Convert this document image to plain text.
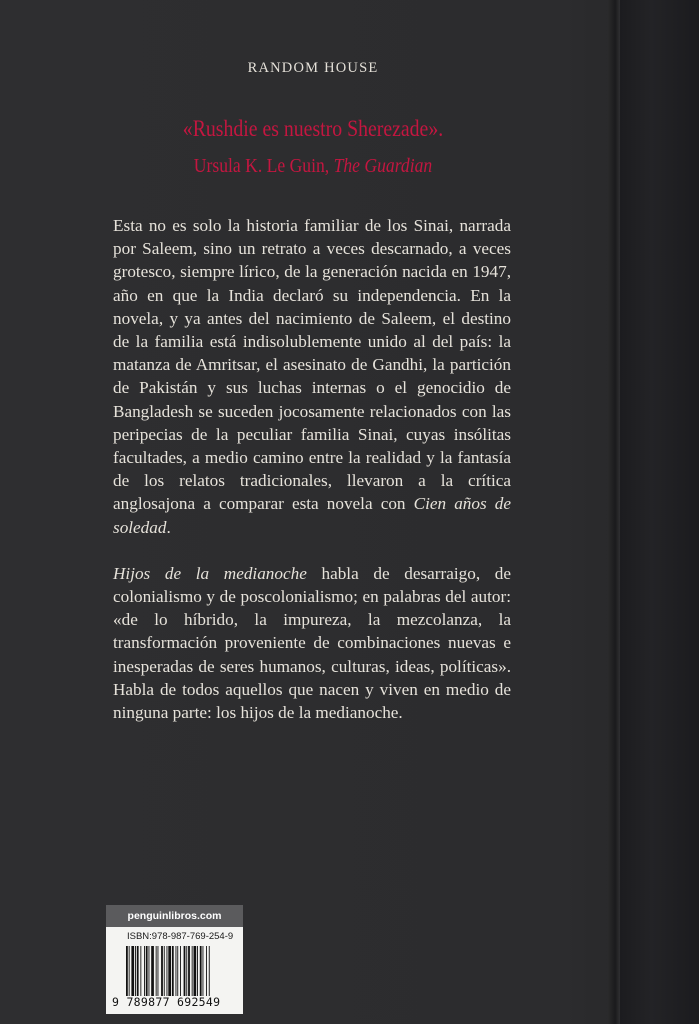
RANDOM HOUSE
«Rushdie es nuestro Sherezade».
Ursula K. Le Guin, The Guardian

Esta no es solo la historia familiar de los Sinai, narrada por Saleem, sino un retrato a veces descarnado, a veces grotesco, siempre lírico, de la generación nacida en 1947, año en que la India declaró su independencia. En la novela, y ya antes del nacimiento de Saleem, el destino de la familia está indisolublemente unido al del país: la matanza de Amritsar, el asesinato de Gandhi, la partición de Pakistán y sus luchas internas o el genocidio de Bangladesh se suceden jocosamente relacionados con las peripecias de la peculiar familia Sinai, cuyas insólitas facultades, a medio camino entre la realidad y la fantasía de los relatos tradicionales, llevaron a la crítica anglosajona a comparar esta novela con Cien años de soledad.

Hijos de la medianoche habla de desarraigo, de colonialismo y de poscolonialismo; en palabras del autor: «de lo híbrido, la impureza, la mezcolanza, la transformación proveniente de combinaciones nuevas e inesperadas de seres humanos, culturas, ideas, políticas». Habla de todos aquellos que nacen y viven en medio de ninguna parte: los hijos de la medianoche.

penguinlibros.com
ISBN:978-987-769-254-9
9 789877 692549
